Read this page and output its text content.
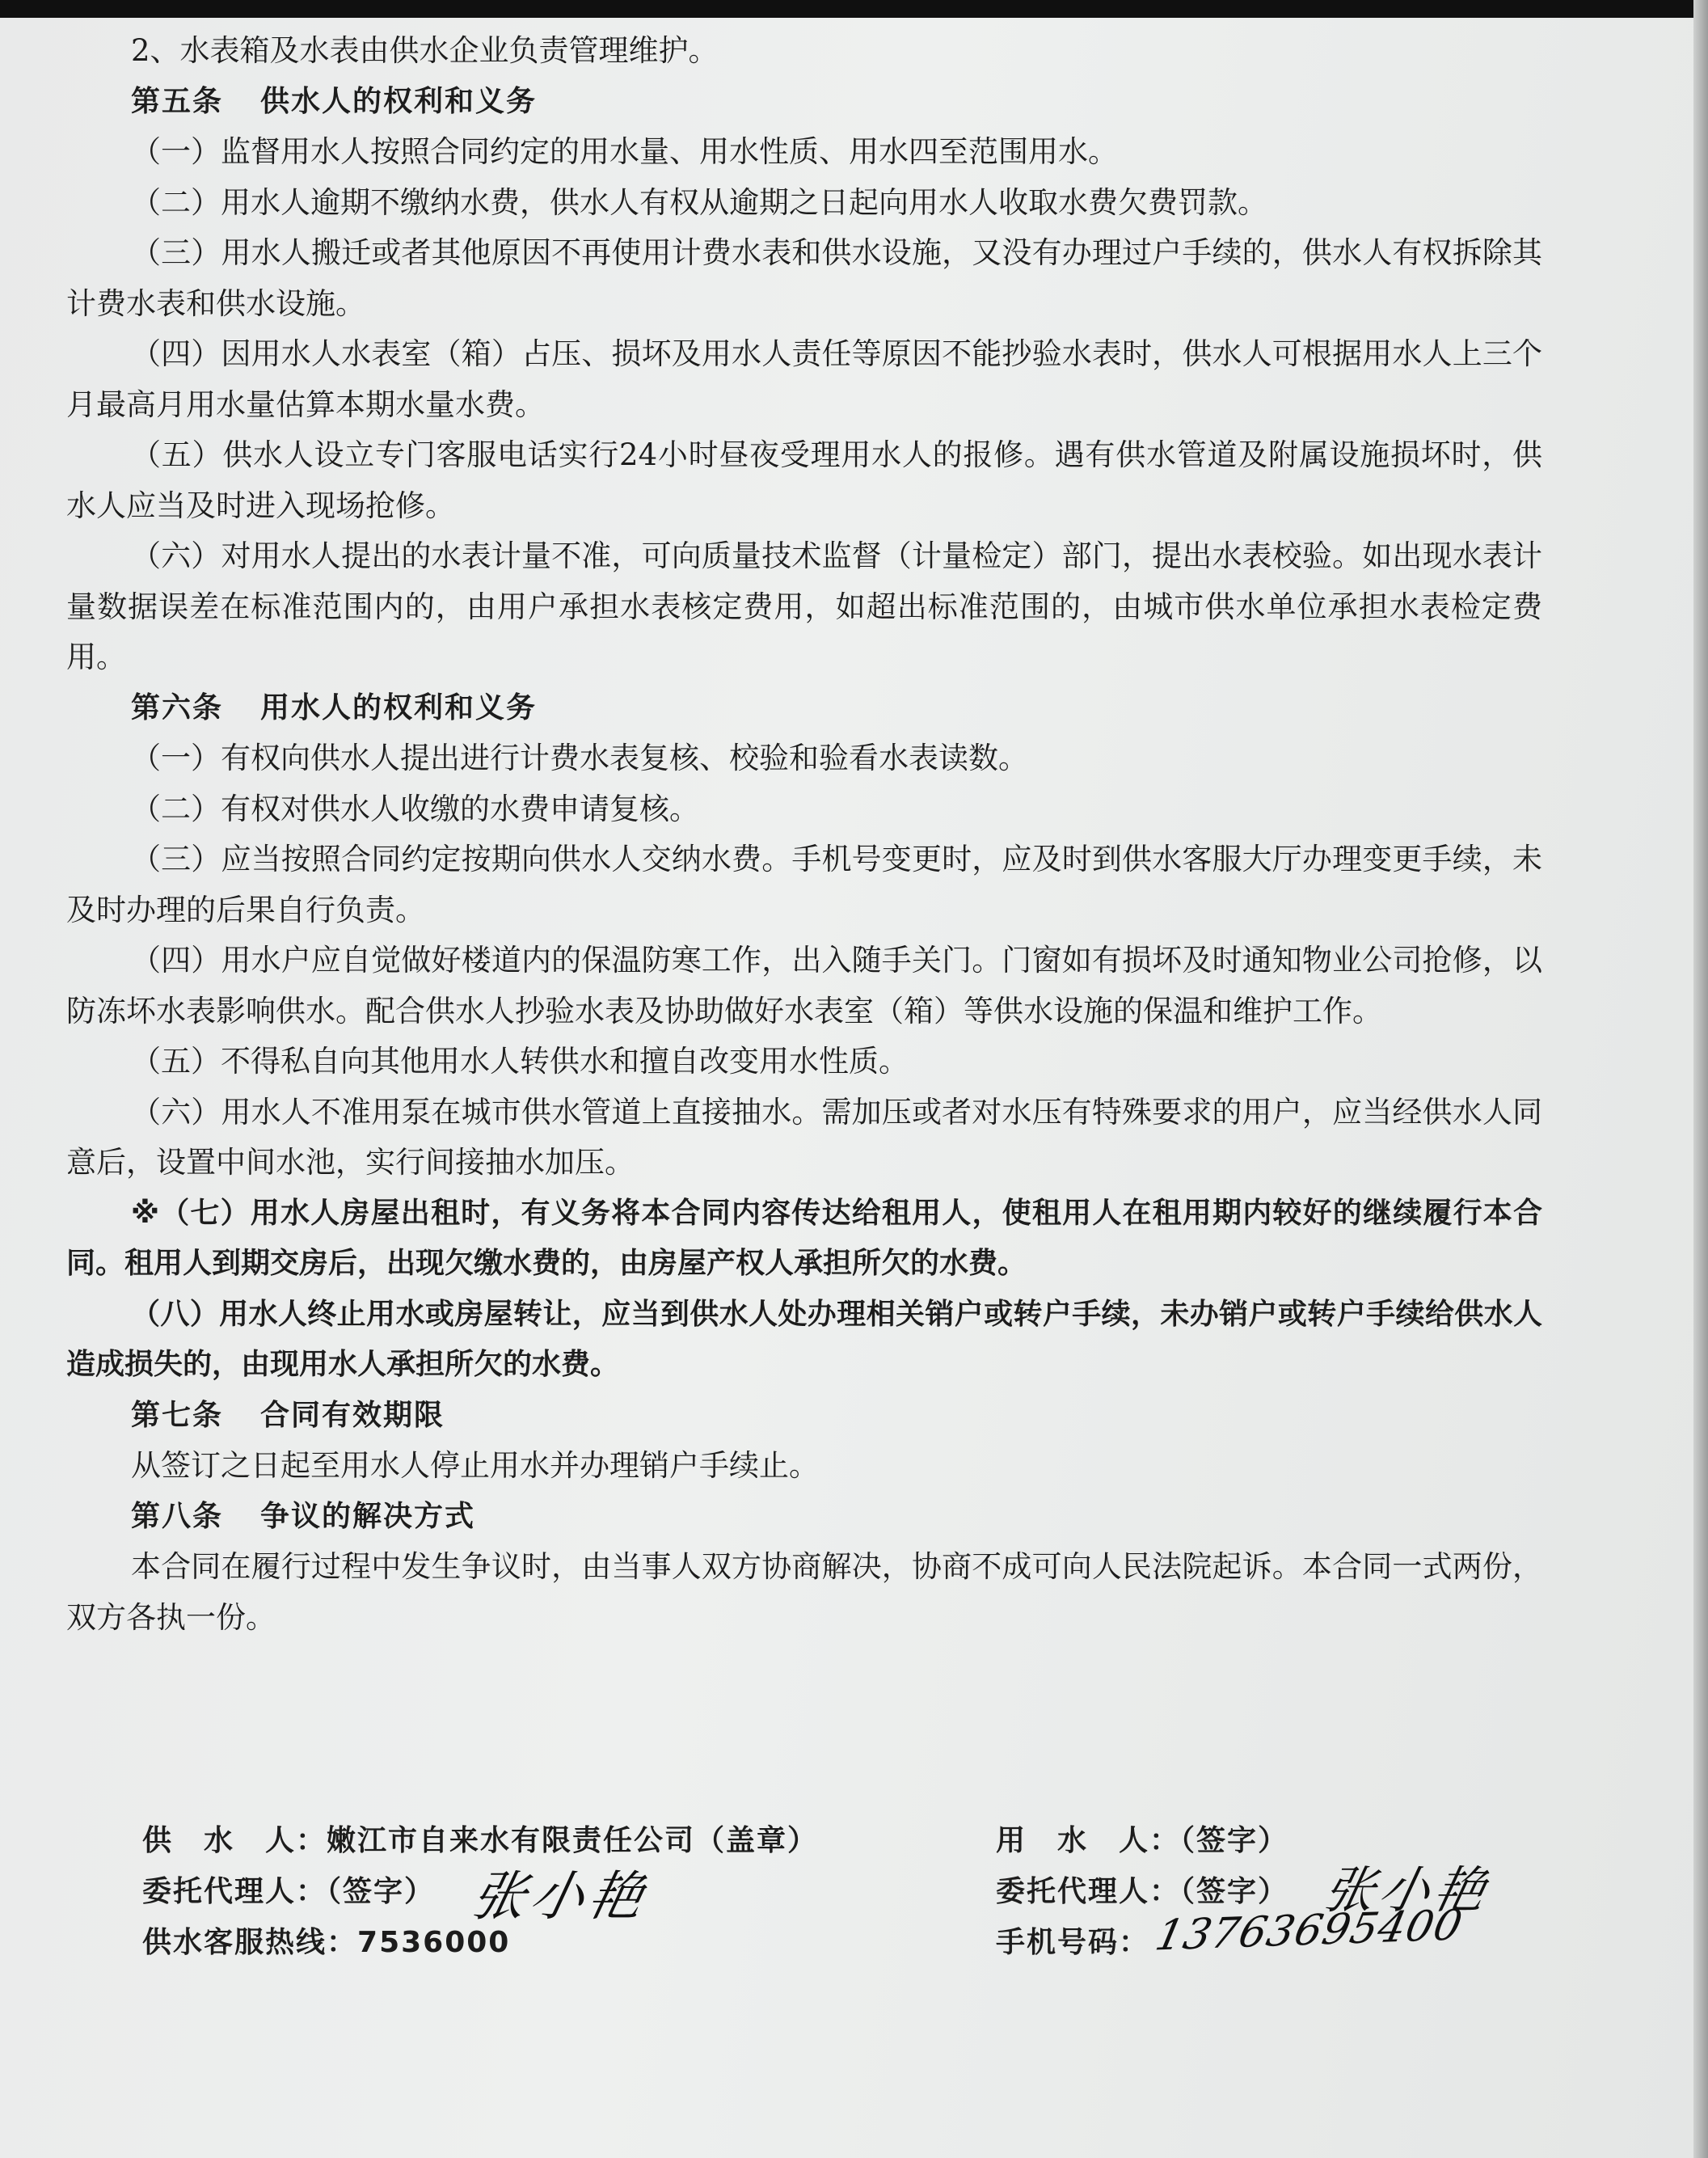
2、水表箱及水表由供水企业负责管理维护。

第五条 供水人的权利和义务

（一）监督用水人按照合同约定的用水量、用水性质、用水四至范围用水。

（二）用水人逾期不缴纳水费，供水人有权从逾期之日起向用水人收取水费欠费罚款。

（三）用水人搬迁或者其他原因不再使用计费水表和供水设施，又没有办理过户手续的，供水人有权拆除其计费水表和供水设施。

（四）因用水人水表室（箱）占压、损坏及用水人责任等原因不能抄验水表时，供水人可根据用水人上三个月最高月用水量估算本期水量水费。

（五）供水人设立专门客服电话实行24小时昼夜受理用水人的报修。遇有供水管道及附属设施损坏时，供水人应当及时进入现场抢修。

（六）对用水人提出的水表计量不准，可向质量技术监督（计量检定）部门，提出水表校验。如出现水表计量数据误差在标准范围内的，由用户承担水表核定费用，如超出标准范围的，由城市供水单位承担水表检定费用。

第六条 用水人的权利和义务

（一）有权向供水人提出进行计费水表复核、校验和验看水表读数。

（二）有权对供水人收缴的水费申请复核。

（三）应当按照合同约定按期向供水人交纳水费。手机号变更时，应及时到供水客服大厅办理变更手续，未及时办理的后果自行负责。

（四）用水户应自觉做好楼道内的保温防寒工作，出入随手关门。门窗如有损坏及时通知物业公司抢修，以防冻坏水表影响供水。配合供水人抄验水表及协助做好水表室（箱）等供水设施的保温和维护工作。

（五）不得私自向其他用水人转供水和擅自改变用水性质。

（六）用水人不准用泵在城市供水管道上直接抽水。需加压或者对水压有特殊要求的用户，应当经供水人同意后，设置中间水池，实行间接抽水加压。

※（七）用水人房屋出租时，有义务将本合同内容传达给租用人，使租用人在租用期内较好的继续履行本合同。租用人到期交房后，出现欠缴水费的，由房屋产权人承担所欠的水费。

（八）用水人终止用水或房屋转让，应当到供水人处办理相关销户或转户手续，未办销户或转户手续给供水人造成损失的，由现用水人承担所欠的水费。

第七条 合同有效期限

从签订之日起至用水人停止用水并办理销户手续止。

第八条 争议的解决方式

本合同在履行过程中发生争议时，由当事人双方协商解决，协商不成可向人民法院起诉。本合同一式两份，双方各执一份。

供　水　人：嫩江市自来水有限责任公司（盖章）
委托代理人：（签字） 张小艳
供水客服热线：7536000
用　水　人：（签字）
委托代理人：（签字） 张小艳
手机号码： 13763695400
